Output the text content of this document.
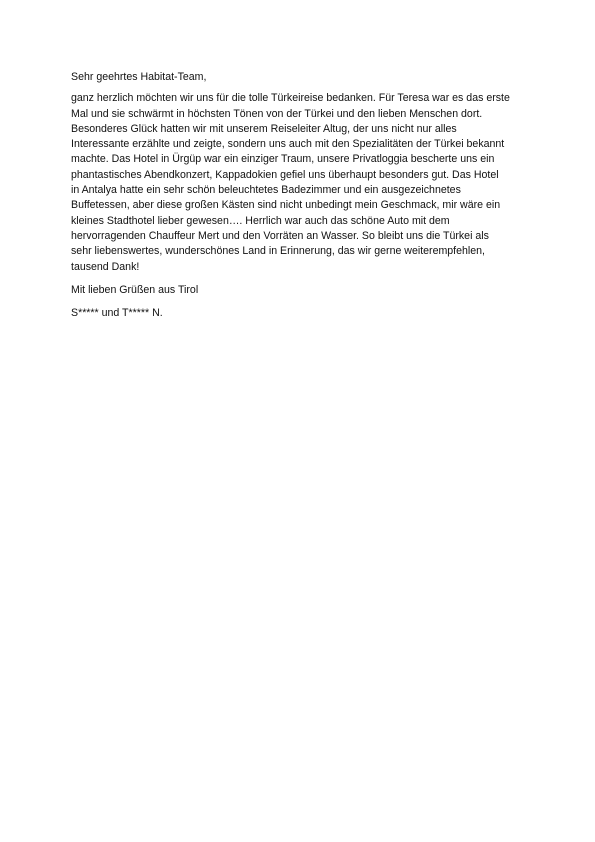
Sehr geehrtes Habitat-Team,

ganz herzlich möchten wir uns für die tolle Türkeireise bedanken. Für Teresa war es das erste
Mal und sie schwärmt in höchsten Tönen von der Türkei und den lieben Menschen dort.
Besonderes Glück hatten wir mit unserem Reiseleiter Altug, der uns nicht nur alles
Interessante erzählte und zeigte, sondern uns auch mit den Spezialitäten der Türkei bekannt
machte. Das Hotel in Ürgüp war ein einziger Traum, unsere Privatloggia bescherte uns ein
phantastisches Abendkonzert, Kappadokien gefiel uns überhaupt besonders gut. Das Hotel
in Antalya hatte ein sehr schön beleuchtetes Badezimmer und ein ausgezeichnetes
Buffetessen, aber diese großen Kästen sind nicht unbedingt mein Geschmack, mir wäre ein
kleines Stadthotel lieber gewesen…. Herrlich war auch das schöne Auto mit dem
hervorragenden Chauffeur Mert und den Vorräten an Wasser. So bleibt uns die Türkei als
sehr liebenswertes, wunderschönes Land in Erinnerung, das wir gerne weiterempfehlen,
tausend Dank!

Mit lieben Grüßen aus Tirol

S***** und T***** N.
